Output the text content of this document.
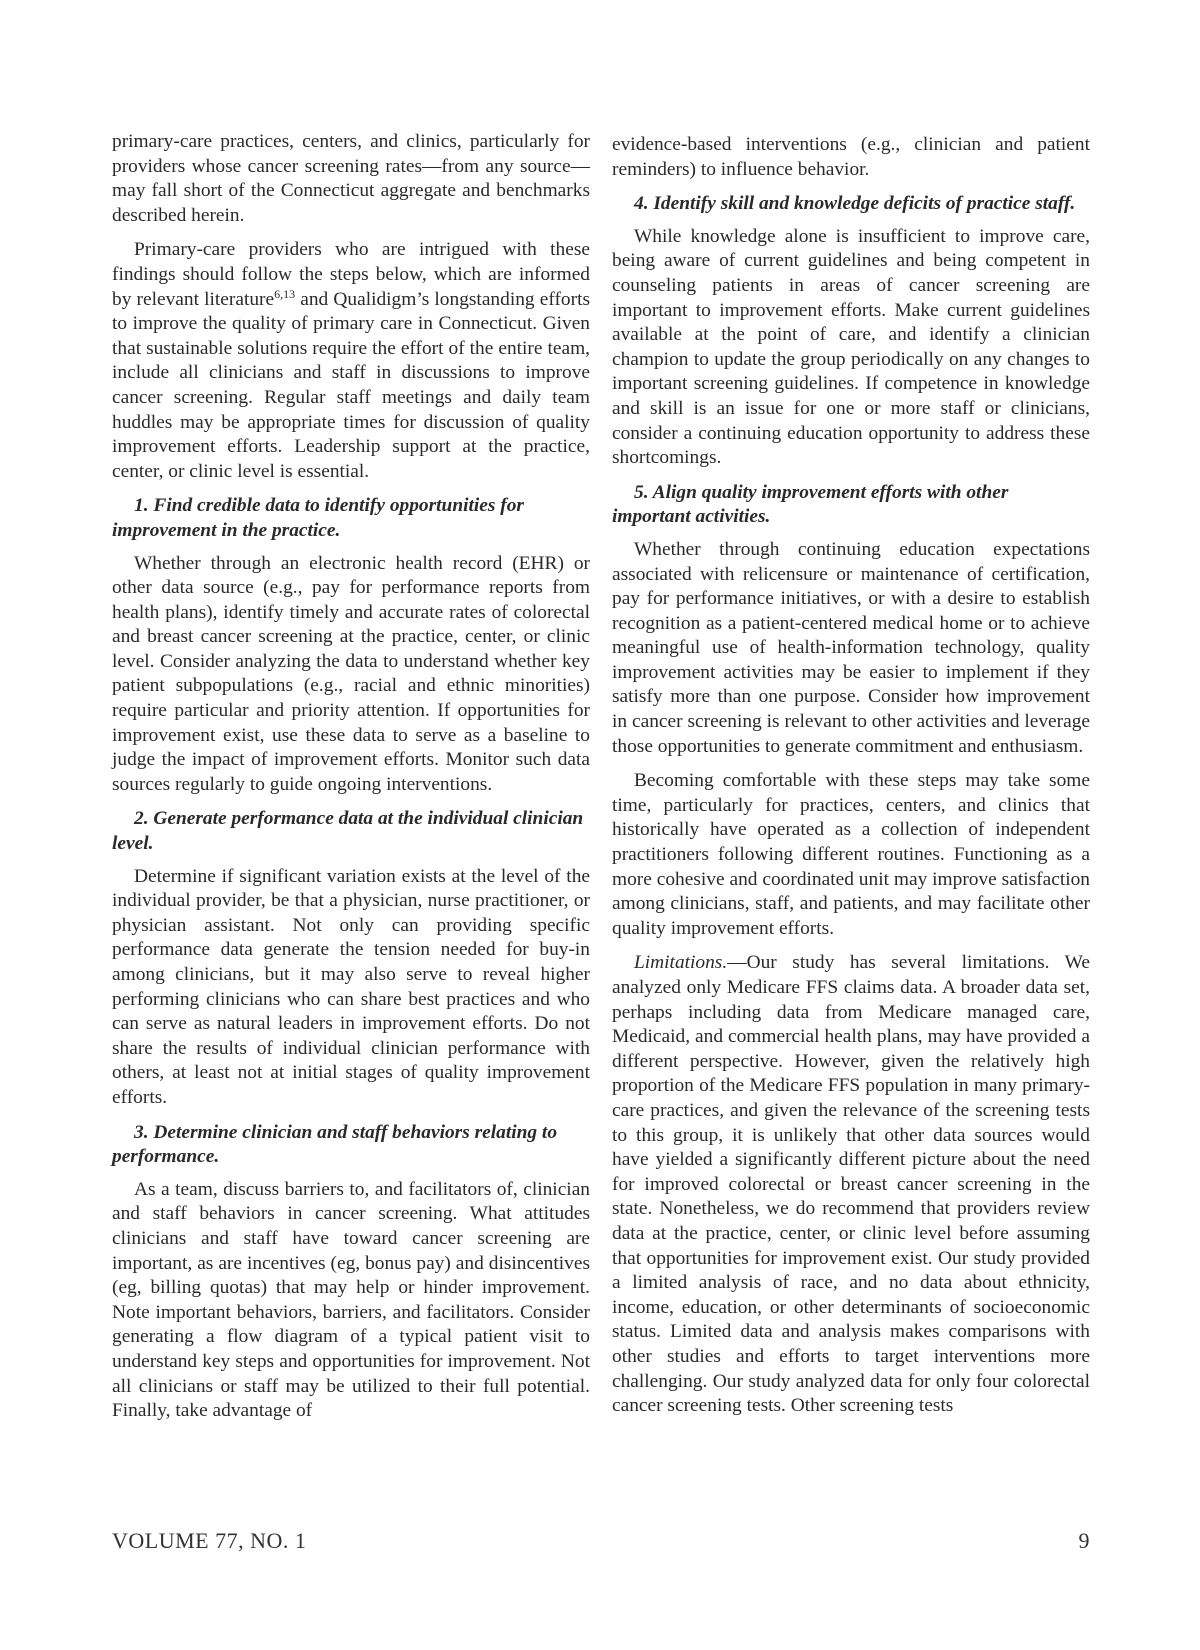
primary-care practices, centers, and clinics, particularly for providers whose cancer screening rates—from any source—may fall short of the Connecticut aggregate and benchmarks described herein.

Primary-care providers who are intrigued with these findings should follow the steps below, which are informed by relevant literature$^{6,13}$ and Qualidigm’s longstanding efforts to improve the quality of primary care in Connecticut. Given that sustainable solutions require the effort of the entire team, include all clinicians and staff in discussions to improve cancer screening. Regular staff meetings and daily team huddles may be appropriate times for discussion of quality improvement efforts. Leadership support at the practice, center, or clinic level is essential.

1. Find credible data to identify opportunities for improvement in the practice.

Whether through an electronic health record (EHR) or other data source (e.g., pay for performance reports from health plans), identify timely and accurate rates of colorectal and breast cancer screening at the practice, center, or clinic level. Consider analyzing the data to understand whether key patient subpopulations (e.g., racial and ethnic minorities) require particular and priority attention. If opportunities for improvement exist, use these data to serve as a baseline to judge the impact of improvement efforts. Monitor such data sources regularly to guide ongoing interventions.

2. Generate performance data at the individual clinician level.

Determine if significant variation exists at the level of the individual provider, be that a physician, nurse practitioner, or physician assistant. Not only can providing specific performance data generate the tension needed for buy-in among clinicians, but it may also serve to reveal higher performing clinicians who can share best practices and who can serve as natural leaders in improvement efforts. Do not share the results of individual clinician performance with others, at least not at initial stages of quality improvement efforts.

3. Determine clinician and staff behaviors relating to performance.

As a team, discuss barriers to, and facilitators of, clinician and staff behaviors in cancer screening. What attitudes clinicians and staff have toward cancer screening are important, as are incentives (eg, bonus pay) and disincentives (eg, billing quotas) that may help or hinder improvement. Note important behaviors, barriers, and facilitators. Consider generating a flow diagram of a typical patient visit to understand key steps and opportunities for improvement. Not all clinicians or staff may be utilized to their full potential. Finally, take advantage of

evidence-based interventions (e.g., clinician and patient reminders) to influence behavior.

4. Identify skill and knowledge deficits of practice staff.

While knowledge alone is insufficient to improve care, being aware of current guidelines and being competent in counseling patients in areas of cancer screening are important to improvement efforts. Make current guidelines available at the point of care, and identify a clinician champion to update the group periodically on any changes to important screening guidelines. If competence in knowledge and skill is an issue for one or more staff or clinicians, consider a continuing education opportunity to address these shortcomings.

5. Align quality improvement efforts with other important activities.

Whether through continuing education expectations associated with relicensure or maintenance of certification, pay for performance initiatives, or with a desire to establish recognition as a patient-centered medical home or to achieve meaningful use of health-information technology, quality improvement activities may be easier to implement if they satisfy more than one purpose. Consider how improvement in cancer screening is relevant to other activities and leverage those opportunities to generate commitment and enthusiasm.

Becoming comfortable with these steps may take some time, particularly for practices, centers, and clinics that historically have operated as a collection of independent practitioners following different routines. Functioning as a more cohesive and coordinated unit may improve satisfaction among clinicians, staff, and patients, and may facilitate other quality improvement efforts.

Limitations.—Our study has several limitations. We analyzed only Medicare FFS claims data. A broader data set, perhaps including data from Medicare managed care, Medicaid, and commercial health plans, may have provided a different perspective. However, given the relatively high proportion of the Medicare FFS population in many primary-care practices, and given the relevance of the screening tests to this group, it is unlikely that other data sources would have yielded a significantly different picture about the need for improved colorectal or breast cancer screening in the state. Nonetheless, we do recommend that providers review data at the practice, center, or clinic level before assuming that opportunities for improvement exist. Our study provided a limited analysis of race, and no data about ethnicity, income, education, or other determinants of socioeconomic status. Limited data and analysis makes comparisons with other studies and efforts to target interventions more challenging. Our study analyzed data for only four colorectal cancer screening tests. Other screening tests

VOLUME 77, NO. 1	9
